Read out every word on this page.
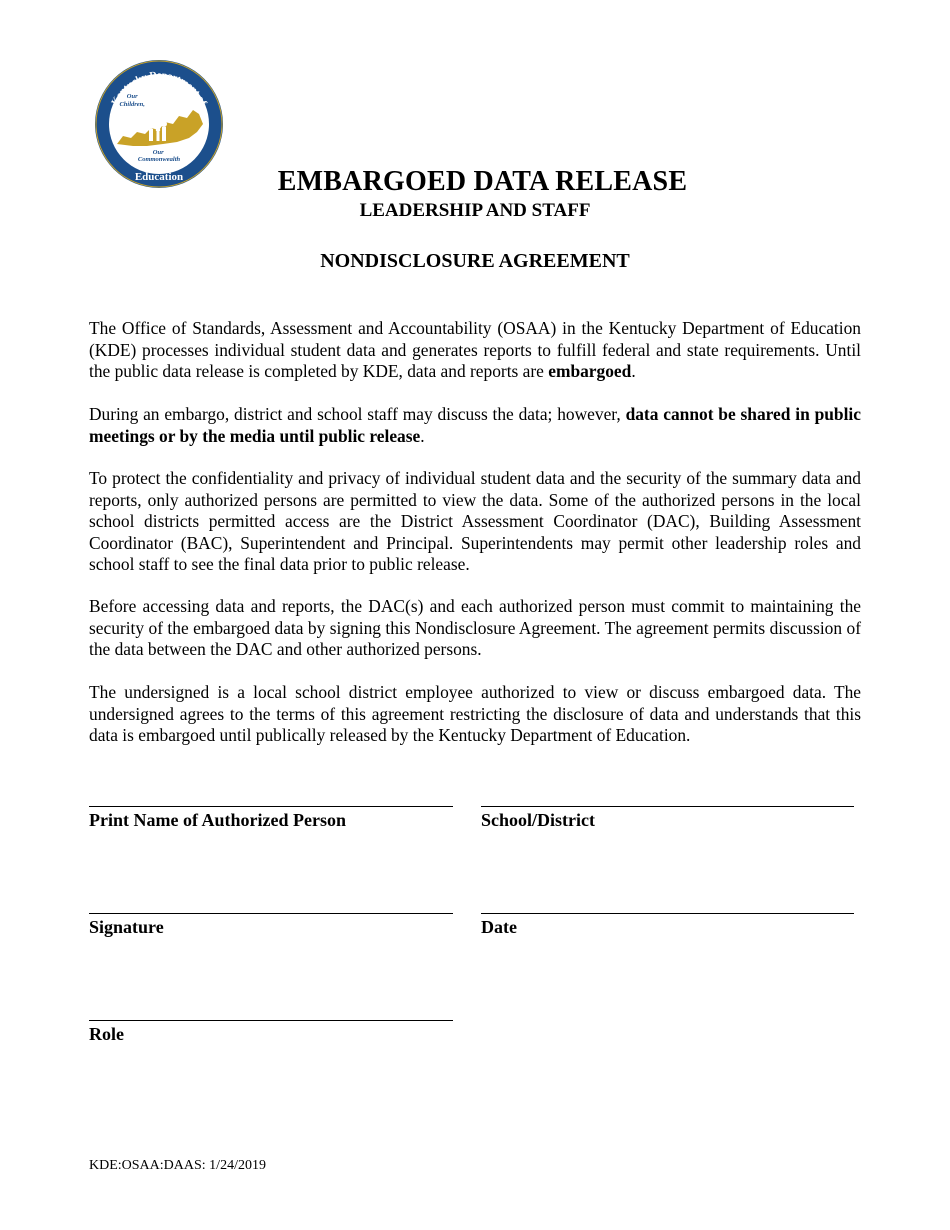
Kentucky Department of
Education
Our Children, Our Commonwealth
EMBARGOED DATA RELEASE
LEADERSHIP AND STAFF
NONDISCLOSURE AGREEMENT
The Office of Standards, Assessment and Accountability (OSAA) in the Kentucky Department of Education (KDE) processes individual student data and generates reports to fulfill federal and state requirements. Until the public data release is completed by KDE, data and reports are embargoed.
During an embargo, district and school staff may discuss the data; however, data cannot be shared in public meetings or by the media until public release.
To protect the confidentiality and privacy of individual student data and the security of the summary data and reports, only authorized persons are permitted to view the data. Some of the authorized persons in the local school districts permitted access are the District Assessment Coordinator (DAC), Building Assessment Coordinator (BAC), Superintendent and Principal. Superintendents may permit other leadership roles and school staff to see the final data prior to public release.
Before accessing data and reports, the DAC(s) and each authorized person must commit to maintaining the security of the embargoed data by signing this Nondisclosure Agreement. The agreement permits discussion of the data between the DAC and other authorized persons.
The undersigned is a local school district employee authorized to view or discuss embargoed data. The undersigned agrees to the terms of this agreement restricting the disclosure of data and understands that this data is embargoed until publically released by the Kentucky Department of Education.
Print Name of Authorized Person	School/District
Signature	Date
Role
KDE:OSAA:DAAS: 1/24/2019
